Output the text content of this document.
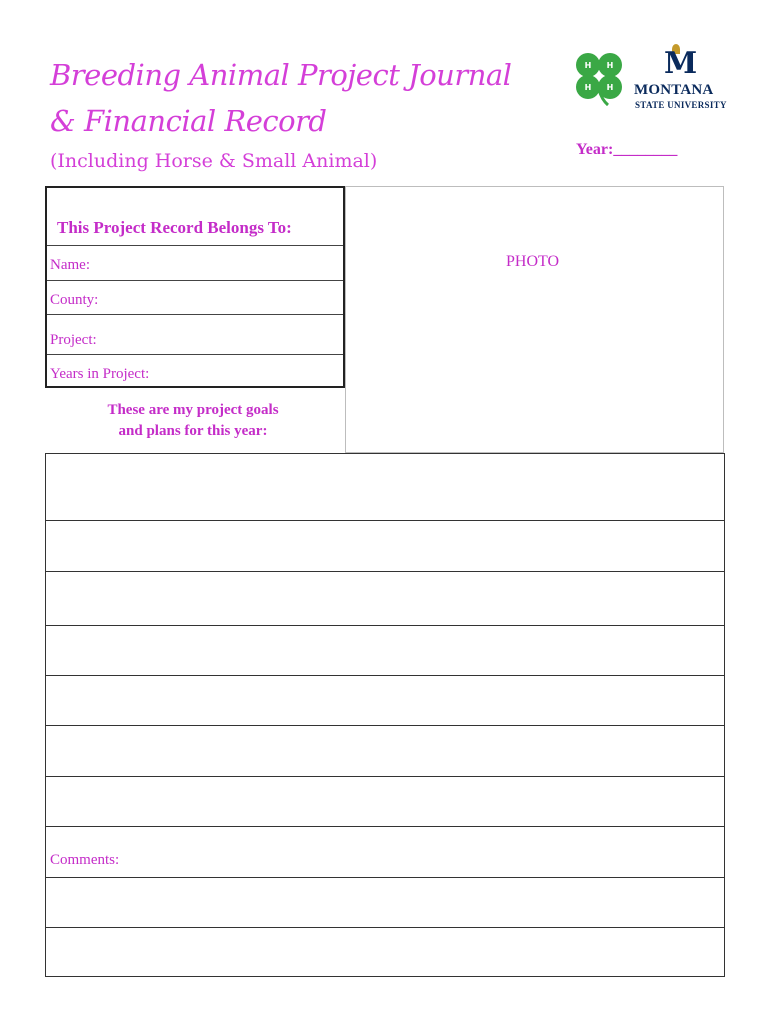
Breeding Animal Project Journal
& Financial Record
(Including Horse & Small Animal)
Year:________
H H
H H
M
MONTANA
STATE UNIVERSITY
PHOTO
This Project Record Belongs To:
Name:
County:
Project:
Years in Project:
These are my project goals
and plans for this year:
Comments:
